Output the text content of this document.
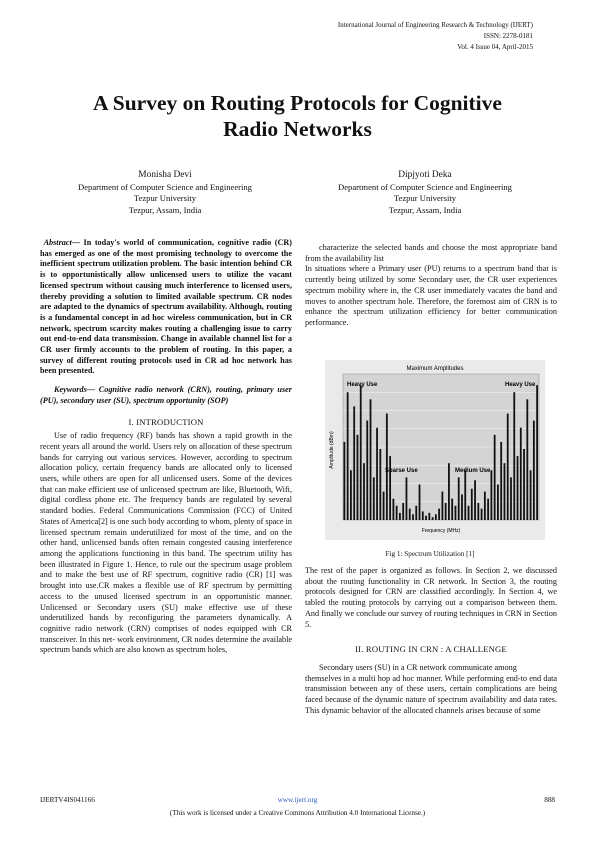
International Journal of Engineering Research & Technology (IJERT)
ISSN: 2278-0181
Vol. 4 Issue 04, April-2015
A Survey on Routing Protocols for Cognitive
Radio Networks
Monisha Devi
Department of Computer Science and Engineering
Tezpur University
Tezpur, Assam, India
Dipjyoti Deka
Department of Computer Science and Engineering
Tezpur University
Tezpur, Assam, India

Abstract— In today's world of communication, cognitive radio (CR) has emerged as one of the most promising technology to overcome the inefficient spectrum utilization problem. The basic intention behind CR is to opportunistically allow unlicensed users to utilize the vacant licensed spectrum without causing much interference to licensed users, thereby providing a solution to limited available spectrum. CR nodes are adapted to the dynamics of spectrum availability. Although, routing is a fundamental concept in ad hoc wireless communication, but in CR network, spectrum scarcity makes routing a challenging issue to carry out end-to-end data transmission. Change in available channel list for a CR user firmly accounts to the problem of routing. In this paper, a survey of different routing protocols used in CR ad hoc network has been presented.

Keywords— Cognitive radio network (CRN), routing, primary user (PU), secondary user (SU), spectrum opportunity (SOP)

I. INTRODUCTION

Use of radio frequency (RF) bands has shown a rapid growth in the recent years all around the world. Users rely on allocation of these spectrum bands for carrying out various services. However, according to spectrum allocation policy, certain frequency bands are allocated only to licensed users, while others are open for all unlicensed users. Some of the devices that can make efficient use of unlicensed spectrum are like, Bluetooth, Wifi, digital cordless phone etc. The frequency bands are regulated by several standard bodies. Federal Communications Commission (FCC) of United States of America[2] is one such body according to whom, plenty of space in licensed spectrum remain underutilized for most of the time, and on the other hand, unlicensed bands often remain congested causing interference among the applications functioning in this band. The spectrum utility has been illustrated in Figure 1. Hence, to rule out the spectrum usage problem and to make the best use of RF spectrum, cognitive radio (CR) [1] was brought into use.CR makes a flexible use of RF spectrum by permitting access to the unused licensed spectrum in an opportunistic manner. Unlicensed or Secondary users (SU) make effective use of these underutilized bands by reconfiguring the parameters dynamically. A cognitive radio network (CRN) comprises of nodes equipped with CR transceiver. In this net- work environment, CR nodes determine the available spectrum bands which are also known as spectrum holes,

characterize the selected bands and choose the most appropriate band from the availability list

In situations where a Primary user (PU) returns to a spectrum band that is currently being utilized by some Secondary user, the CR user experiences spectrum mobility where in, the CR user immediately vacates the band and moves to another spectrum hole. Therefore, the foremost aim of CRN is to enhance the spectrum utilization efficiency for better communication performance.

Maximum Amplitudes
Amplitude (dBm)
Frequency (MHz)
Heavy Use
Sparse Use	Medium Use
Heavy Use
Fig 1: Spectrum Utilization [1]

The rest of the paper is organized as follows. In Section 2, we discussed about the routing functionality in CR network. In Section 3, the routing protocols designed for CRN are classified accordingly. In Section 4, we tabled the routing protocols by carrying out a comparison between them. And finally we conclude our survey of routing techniques in CRN in Section 5.

II. ROUTING IN CRN : A CHALLENGE

Secondary users (SU) in a CR network communicate among

themselves in a multi hop ad hoc manner. While performing end-to end data transmission between any of these users, certain complications are being faced because of the dynamic nature of spectrum availability and data rates. This dynamic behavior of the allocated channels arises because of some

IJERTV4IS041166	www.ijert.org	888
(This work is licensed under a Creative Commons Attribution 4.0 International License.)
